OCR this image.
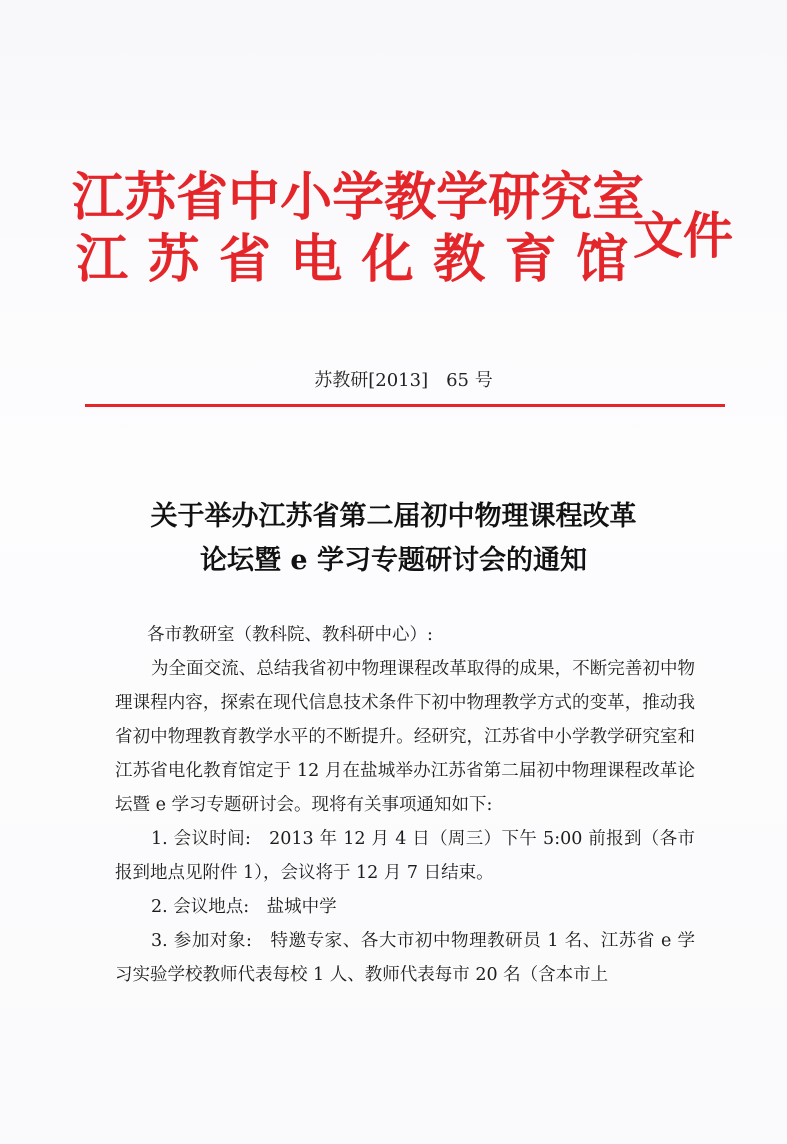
江 苏 省 中 小 学 教 学 研 究 室
江 苏 省 电 化 教 育 馆 文件
苏教研[2013]　65 号
关于举办江苏省第二届初中物理课程改革
论坛暨 e 学习专题研讨会的通知

各市教研室（教科院、教科研中心）:

为全面交流、总结我省初中物理课程改革取得的成果，不断完善初中物理课程内容，探索在现代信息技术条件下初中物理教学方式的变革，推动我省初中物理教育教学水平的不断提升。经研究，江苏省中小学教学研究室和江苏省电化教育馆定于 12 月在盐城举办江苏省第二届初中物理课程改革论坛暨 e 学习专题研讨会。现将有关事项通知如下:

1. 会议时间:　2013 年 12 月 4 日（周三）下午 5:00 前报到（各市报到地点见附件 1），会议将于 12 月 7 日结束。

2. 会议地点:　盐城中学

3. 参加对象:　特邀专家、各大市初中物理教研员 1 名、江苏省 e 学习实验学校教师代表每校 1 人、教师代表每市 20 名（含本市上
